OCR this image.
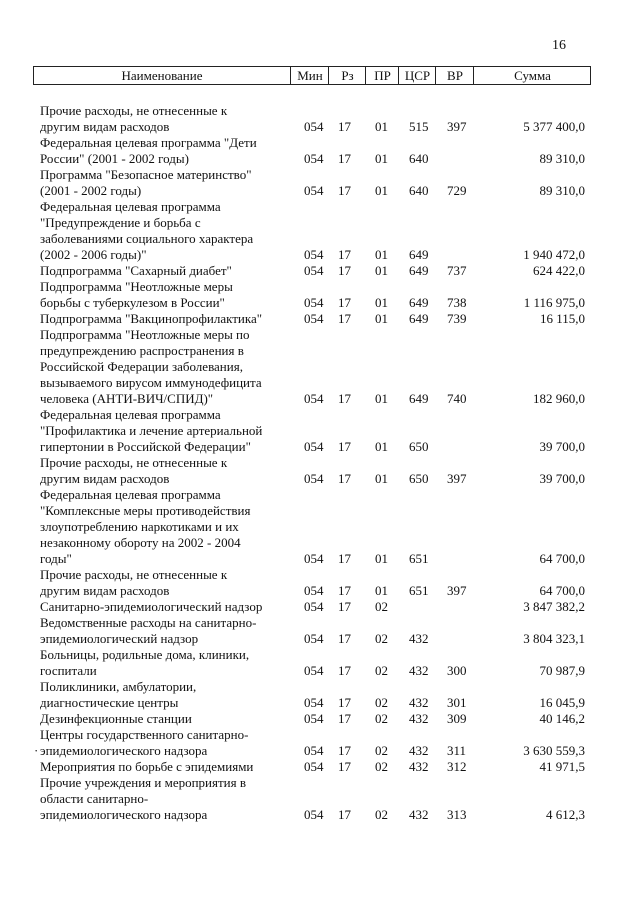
16
Наименование	Мин	Рз	ПР	ЦСР	ВР	Сумма
Прочие расходы, не отнесенные к
другим видам расходов	054 17 01 515 397	5 377 400,0
Федеральная целевая программа "Дети
России" (2001 - 2002 годы)	054 17 01 640	89 310,0
Программа "Безопасное материнство"
(2001 - 2002 годы)	054 17 01 640 729	89 310,0
Федеральная целевая программа
"Предупреждение и борьба с
заболеваниями социального характера
(2002 - 2006 годы)"	054 17 01 649	1 940 472,0
Подпрограмма "Сахарный диабет"	054 17 01 649 737	624 422,0
Подпрограмма "Неотложные меры
борьбы с туберкулезом в России"	054 17 01 649 738	1 116 975,0
Подпрограмма "Вакцинопрофилактика"	054 17 01 649 739	16 115,0
Подпрограмма "Неотложные меры по
предупреждению распространения в
Российской Федерации заболевания,
вызываемого вирусом иммунодефицита
человека (АНТИ-ВИЧ/СПИД)"	054 17 01 649 740	182 960,0
Федеральная целевая программа
"Профилактика и лечение артериальной
гипертонии в Российской Федерации"	054 17 01 650	39 700,0
Прочие расходы, не отнесенные к
другим видам расходов	054 17 01 650 397	39 700,0
Федеральная целевая программа
"Комплексные меры противодействия
злоупотреблению наркотиками и их
незаконному обороту на 2002 - 2004
годы"	054 17 01 651	64 700,0
Прочие расходы, не отнесенные к
другим видам расходов	054 17 01 651 397	64 700,0
Санитарно-эпидемиологический надзор	054 17 02	3 847 382,2
Ведомственные расходы на санитарно-
эпидемиологический надзор	054 17 02 432	3 804 323,1
Больницы, родильные дома, клиники,
госпитали	054 17 02 432 300	70 987,9
Поликлиники, амбулатории,
диагностические центры	054 17 02 432 301	16 045,9
Дезинфекционные станции	054 17 02 432 309	40 146,2
·
Центры государственного санитарно-
эпидемиологического надзора	054 17 02 432 311	3 630 559,3
Мероприятия по борьбе с эпидемиями	054 17 02 432 312	41 971,5
Прочие учреждения и мероприятия в
области санитарно-
эпидемиологического надзора	054 17 02 432 313	4 612,3
